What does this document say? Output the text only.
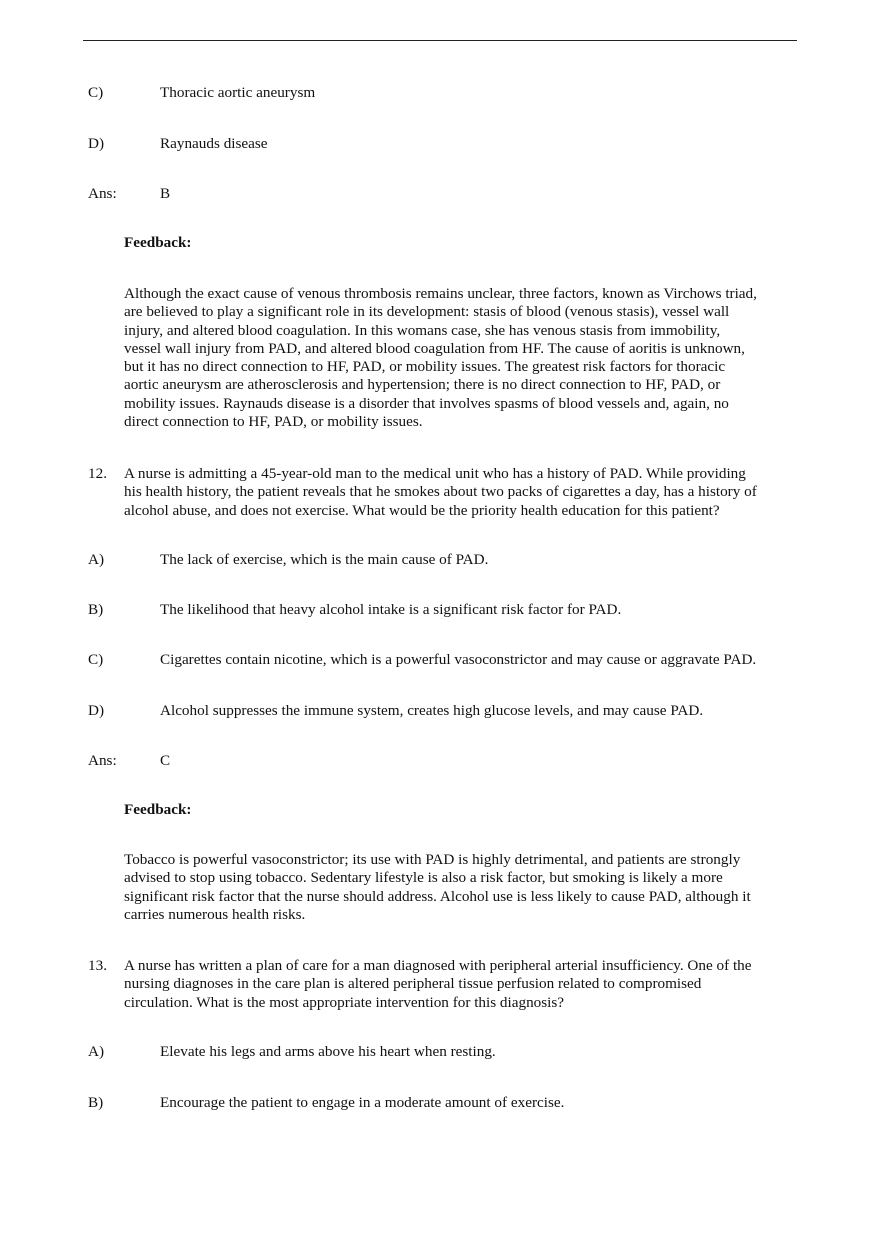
C)	Thoracic aortic aneurysm
D)	Raynauds disease
Ans:	B
Feedback:
Although the exact cause of venous thrombosis remains unclear, three factors, known as Virchows triad,
are believed to play a significant role in its development: stasis of blood (venous stasis), vessel wall
injury, and altered blood coagulation. In this womans case, she has venous stasis from immobility,
vessel wall injury from PAD, and altered blood coagulation from HF. The cause of aoritis is unknown,
but it has no direct connection to HF, PAD, or mobility issues. The greatest risk factors for thoracic
aortic aneurysm are atherosclerosis and hypertension; there is no direct connection to HF, PAD, or
mobility issues. Raynauds disease is a disorder that involves spasms of blood vessels and, again, no
direct connection to HF, PAD, or mobility issues.
12. A nurse is admitting a 45-year-old man to the medical unit who has a history of PAD. While providing
his health history, the patient reveals that he smokes about two packs of cigarettes a day, has a history of
alcohol abuse, and does not exercise. What would be the priority health education for this patient?
A)	The lack of exercise, which is the main cause of PAD.
B)	The likelihood that heavy alcohol intake is a significant risk factor for PAD.
C)	Cigarettes contain nicotine, which is a powerful vasoconstrictor and may cause or aggravate PAD.
D)	Alcohol suppresses the immune system, creates high glucose levels, and may cause PAD.
Ans:	C
Feedback:
Tobacco is powerful vasoconstrictor; its use with PAD is highly detrimental, and patients are strongly
advised to stop using tobacco. Sedentary lifestyle is also a risk factor, but smoking is likely a more
significant risk factor that the nurse should address. Alcohol use is less likely to cause PAD, although it
carries numerous health risks.
13. A nurse has written a plan of care for a man diagnosed with peripheral arterial insufficiency. One of the
nursing diagnoses in the care plan is altered peripheral tissue perfusion related to compromised
circulation. What is the most appropriate intervention for this diagnosis?
A)	Elevate his legs and arms above his heart when resting.
B)	Encourage the patient to engage in a moderate amount of exercise.
